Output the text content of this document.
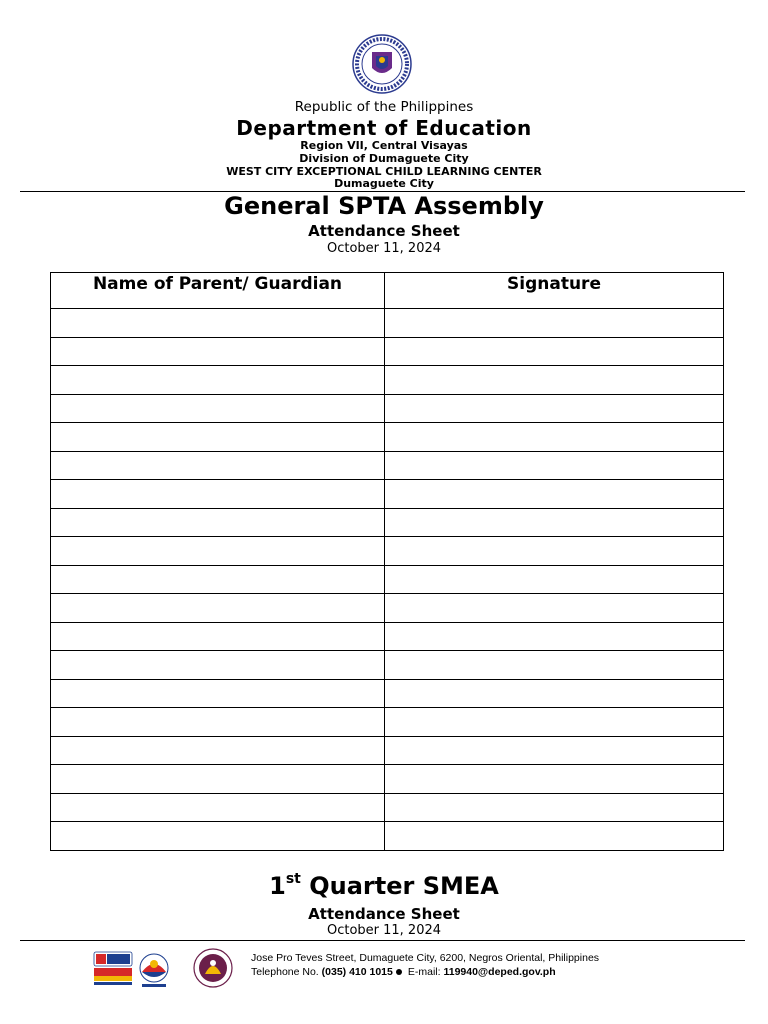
Republic of the Philippines
Department of Education
Region VII, Central Visayas
Division of Dumaguete City
WEST CITY EXCEPTIONAL CHILD LEARNING CENTER
Dumaguete City
General SPTA Assembly
Attendance Sheet
October 11, 2024
Name of Parent/ Guardian	Signature

1st Quarter SMEA
Attendance Sheet
October 11, 2024
Jose Pro Teves Street, Dumaguete City, 6200, Negros Oriental, Philippines
Telephone No. (035) 410 1015 E-mail: 119940@deped.gov.ph
